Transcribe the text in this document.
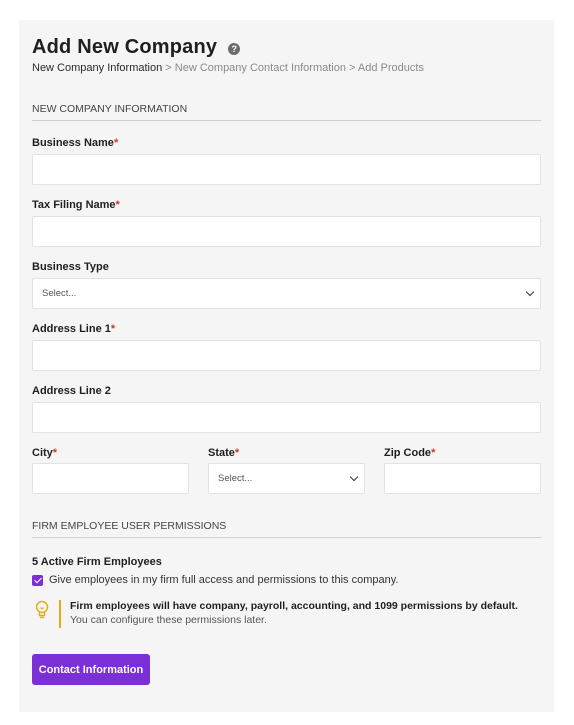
Add New Company	?
New Company Information > New Company Contact Information > Add Products
NEW COMPANY INFORMATION
Business Name*
Tax Filing Name*
Business Type
Select...
Address Line 1*
Address Line 2
City*	State*
Select...
Zip Code*
FIRM EMPLOYEE USER PERMISSIONS
5 Active Firm Employees
Give employees in my firm full access and permissions to this company.
Firm employees will have company, payroll, accounting, and 1099 permissions by default.
You can configure these permissions later.
Contact Information
